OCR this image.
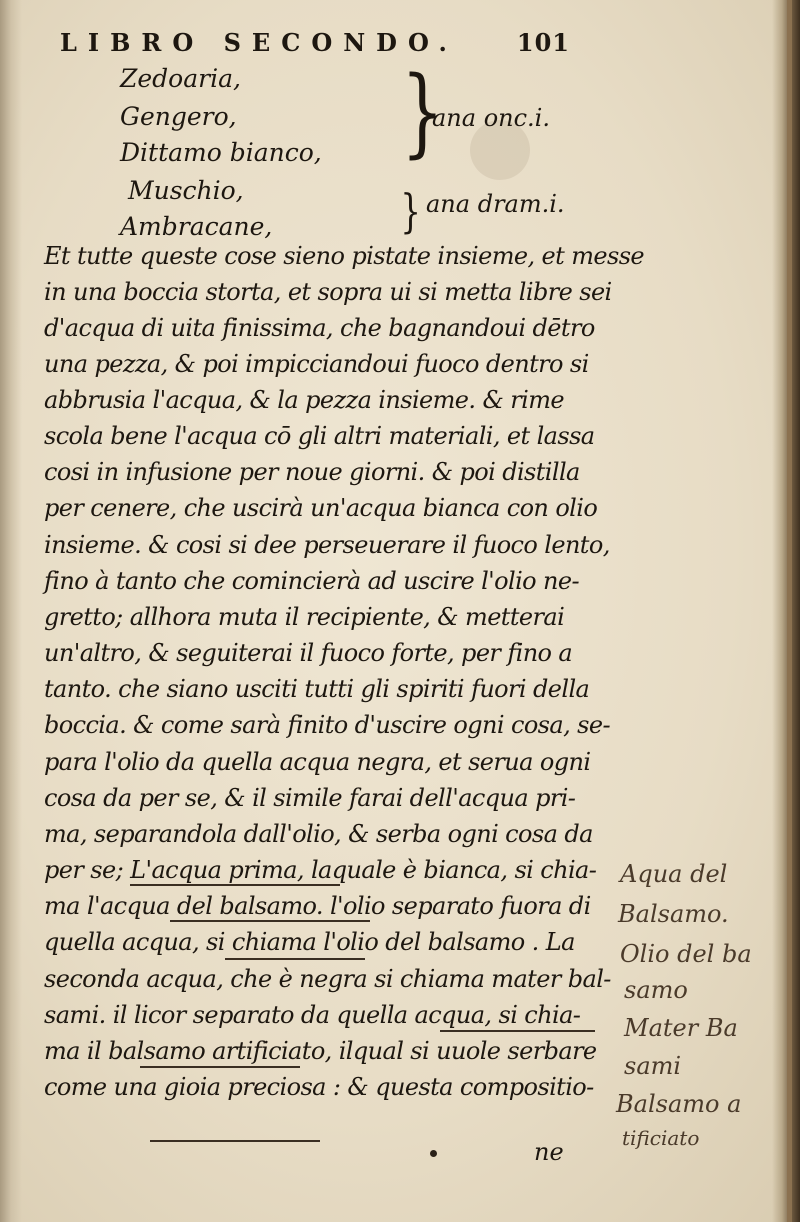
LIBRO SECONDO. 101
Zedoaria,
Gengero,
Dittamo bianco,
Muschio,
Ambracane,
}
}
ana onc.i.
ana dram.i.
Et tutte queste cose sieno pistate insieme, et messe
in una boccia storta, et sopra ui si metta libre sei
d'acqua di uita finissima, che bagnandoui dētro
una pezza, & poi impicciandoui fuoco dentro si
abbrusia l'acqua, & la pezza insieme. & rime
scola bene l'acqua cō gli altri materiali, et lassa
cosi in infusione per noue giorni. & poi distilla
per cenere, che uscirà un'acqua bianca con olio
insieme. & cosi si dee perseuerare il fuoco lento,
fino à tanto che comincierà ad uscire l'olio ne-
gretto; allhora muta il recipiente, & metterai
un'altro, & seguiterai il fuoco forte, per fino a
tanto. che siano usciti tutti gli spiriti fuori della
boccia. & come sarà finito d'uscire ogni cosa, se-
para l'olio da quella acqua negra, et serua ogni
cosa da per se, & il simile farai dell'acqua pri-
ma, separandola dall'olio, & serba ogni cosa da
per se; L'acqua prima, laquale è bianca, si chia-
ma l'acqua del balsamo. l'olio separato fuora di
quella acqua, si chiama l'olio del balsamo . La
seconda acqua, che è negra si chiama mater bal-
sami. il licor separato da quella acqua, si chia-
ma il balsamo artificiato, ilqual si uuole serbare
come una gioia preciosa : & questa compositio-
ne
Aqua del
Balsamo.
Olio del ba
samo
Mater Ba
sami
Balsamo a
tificiato
